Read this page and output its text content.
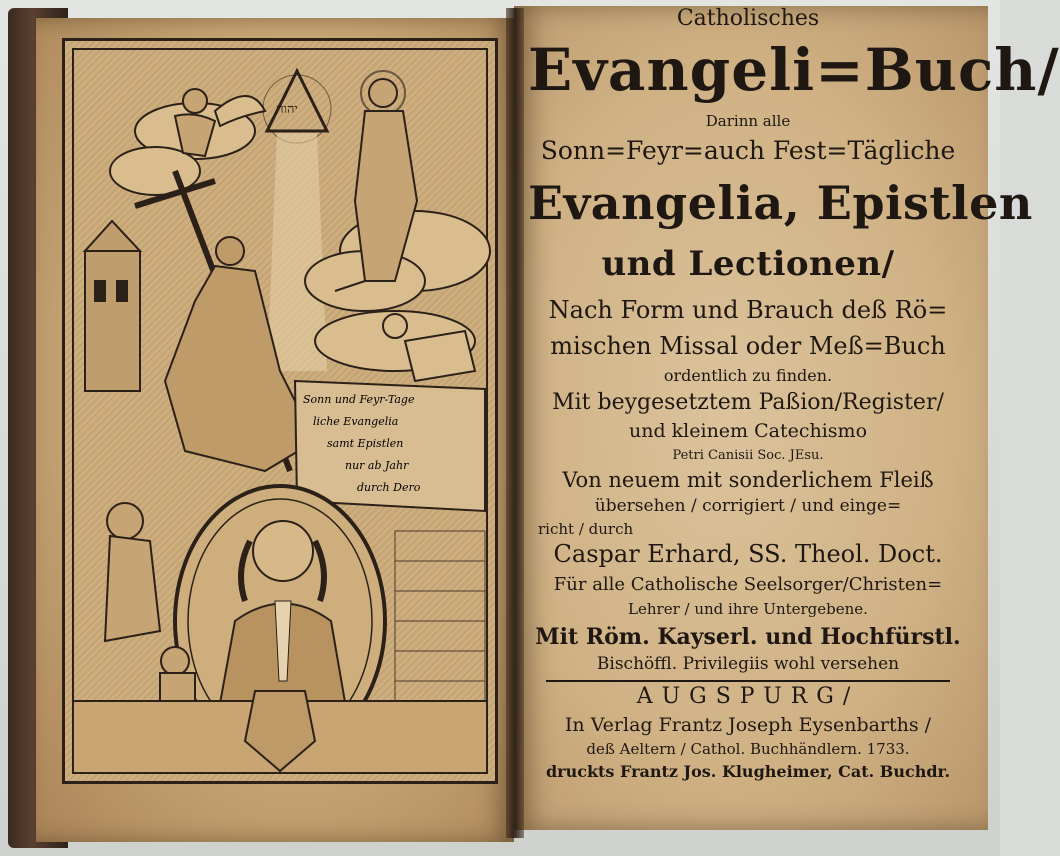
יהוה
Sonn und Feyr-Tage
liche Evangelia
samt Epistlen
nur ab Jahr
durch Dero
Catholisches
Evangeli=Buch/
Darinn alle
Sonn=Feyr=auch Fest=Tägliche
Evangelia, Epistlen
und Lectionen/
Nach Form und Brauch deß Rö=
mischen Missal oder Meß=Buch
ordentlich zu finden.
Mit beygesetztem Paßion/Register/
und kleinem Catechismo
Petri Canisii Soc. JEsu.
Von neuem mit sonderlichem Fleiß
übersehen / corrigiert / und einge=
richt / durch
Caspar Erhard, SS. Theol. Doct.
Für alle Catholische Seelsorger/Christen=
Lehrer / und ihre Untergebene.
Mit Röm. Kayserl. und Hochfürstl.
Bischöffl. Privilegiis wohl versehen
AUGSPURG/
In Verlag Frantz Joseph Eysenbarths /
deß Aeltern / Cathol. Buchhändlern. 1733.
druckts Frantz Jos. Klugheimer, Cat. Buchdr.
